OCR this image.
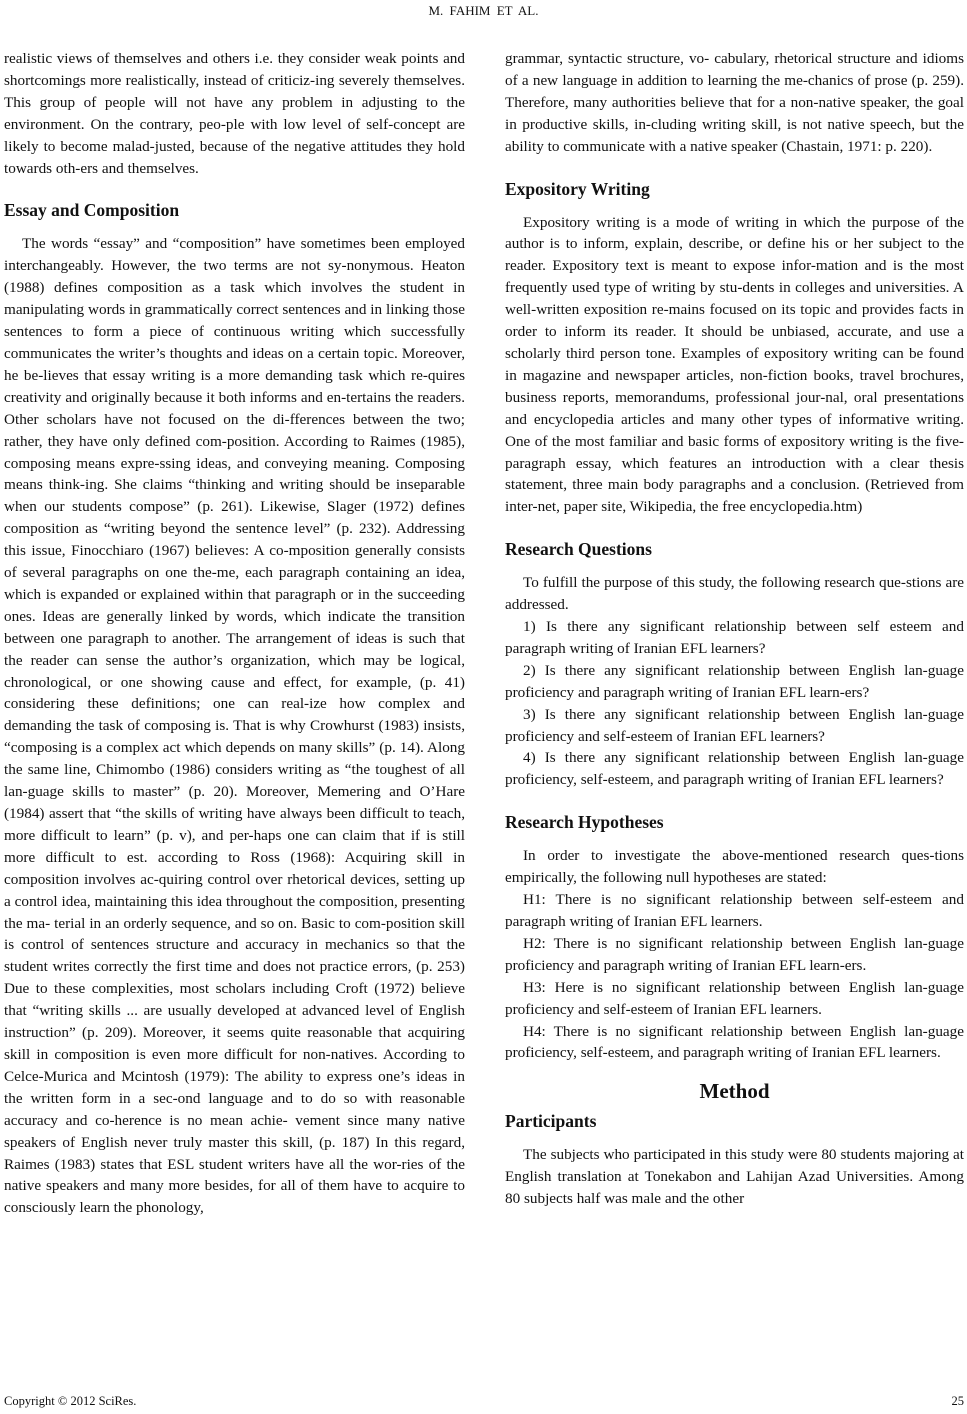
M. FAHIM ET AL.

realistic views of themselves and others i.e. they consider weak points and shortcomings more realistically, instead of criticiz-ing severely themselves. This group of people will not have any problem in adjusting to the environment. On the contrary, peo-ple with low level of self-concept are likely to become malad-justed, because of the negative attitudes they hold towards oth-ers and themselves.

Essay and Composition

The words “essay” and “composition” have sometimes been employed interchangeably. However, the two terms are not sy-nonymous. Heaton (1988) defines composition as a task which involves the student in manipulating words in grammatically correct sentences and in linking those sentences to form a piece of continuous writing which successfully communicates the writer’s thoughts and ideas on a certain topic. Moreover, he be-lieves that essay writing is a more demanding task which re-quires creativity and originally because it both informs and en-tertains the readers. Other scholars have not focused on the di-fferences between the two; rather, they have only defined com-position. According to Raimes (1985), composing means expre-ssing ideas, and conveying meaning. Composing means think-ing. She claims “thinking and writing should be inseparable when our students compose” (p. 261). Likewise, Slager (1972) defines composition as “writing beyond the sentence level” (p. 232). Addressing this issue, Finocchiaro (1967) believes: A co-mposition generally consists of several paragraphs on one the-me, each paragraph containing an idea, which is expanded or explained within that paragraph or in the succeeding ones. Ideas are generally linked by words, which indicate the transition between one paragraph to another. The arrangement of ideas is such that the reader can sense the author’s organization, which may be logical, chronological, or one showing cause and effect, for example, (p. 41) considering these definitions; one can real-ize how complex and demanding the task of composing is. That is why Crowhurst (1983) insists, “composing is a complex act which depends on many skills” (p. 14). Along the same line, Chimombo (1986) considers writing as “the toughest of all lan-guage skills to master” (p. 20). Moreover, Memering and O’Hare (1984) assert that “the skills of writing have always been difficult to teach, more difficult to learn” (p. v), and per-haps one can claim that if is still more difficult to est. according to Ross (1968): Acquiring skill in composition involves ac-quiring control over rhetorical devices, setting up a control idea, maintaining this idea throughout the composition, presenting the ma- terial in an orderly sequence, and so on. Basic to com-position skill is control of sentences structure and accuracy in mechanics so that the student writes correctly the first time and does not practice errors, (p. 253) Due to these complexities, most scholars including Croft (1972) believe that “writing skills ... are usually developed at advanced level of English instruction” (p. 209). Moreover, it seems quite reasonable that acquiring skill in composition is even more difficult for non-natives. According to Celce-Murica and Mcintosh (1979): The ability to express one’s ideas in the written form in a sec-ond language and to do so with reasonable accuracy and co-herence is no mean achie- vement since many native speakers of English never truly master this skill, (p. 187) In this regard, Raimes (1983) states that ESL student writers have all the wor-ries of the native speakers and many more besides, for all of them have to acquire to consciously learn the phonology,

grammar, syntactic structure, vo- cabulary, rhetorical structure and idioms of a new language in addition to learning the me-chanics of prose (p. 259). Therefore, many authorities believe that for a non-native speaker, the goal in productive skills, in-cluding writing skill, is not native speech, but the ability to communicate with a native speaker (Chastain, 1971: p. 220).

Expository Writing

Expository writing is a mode of writing in which the purpose of the author is to inform, explain, describe, or define his or her subject to the reader. Expository text is meant to expose infor-mation and is the most frequently used type of writing by stu-dents in colleges and universities. A well-written exposition re-mains focused on its topic and provides facts in order to inform its reader. It should be unbiased, accurate, and use a scholarly third person tone. Examples of expository writing can be found in magazine and newspaper articles, non-fiction books, travel brochures, business reports, memorandums, professional jour-nal, oral presentations and encyclopedia articles and many other types of informative writing. One of the most familiar and basic forms of expository writing is the five-paragraph essay, which features an introduction with a clear thesis statement, three main body paragraphs and a conclusion. (Retrieved from inter-net, paper site, Wikipedia, the free encyclopedia.htm)

Research Questions

To fulfill the purpose of this study, the following research que-stions are addressed.

1) Is there any significant relationship between self esteem and paragraph writing of Iranian EFL learners?

2) Is there any significant relationship between English lan-guage proficiency and paragraph writing of Iranian EFL learn-ers?

3) Is there any significant relationship between English lan-guage proficiency and self-esteem of Iranian EFL learners?

4) Is there any significant relationship between English lan-guage proficiency, self-esteem, and paragraph writing of Iranian EFL learners?

Research Hypotheses

In order to investigate the above-mentioned research ques-tions empirically, the following null hypotheses are stated:

H1: There is no significant relationship between self-esteem and paragraph writing of Iranian EFL learners.

H2: There is no significant relationship between English lan-guage proficiency and paragraph writing of Iranian EFL learn-ers.

H3: Here is no significant relationship between English lan-guage proficiency and self-esteem of Iranian EFL learners.

H4: There is no significant relationship between English lan-guage proficiency, self-esteem, and paragraph writing of Iranian EFL learners.

Method
Participants

The subjects who participated in this study were 80 students majoring at English translation at Tonekabon and Lahijan Azad Universities. Among 80 subjects half was male and the other

Copyright © 2012 SciRes.	25
